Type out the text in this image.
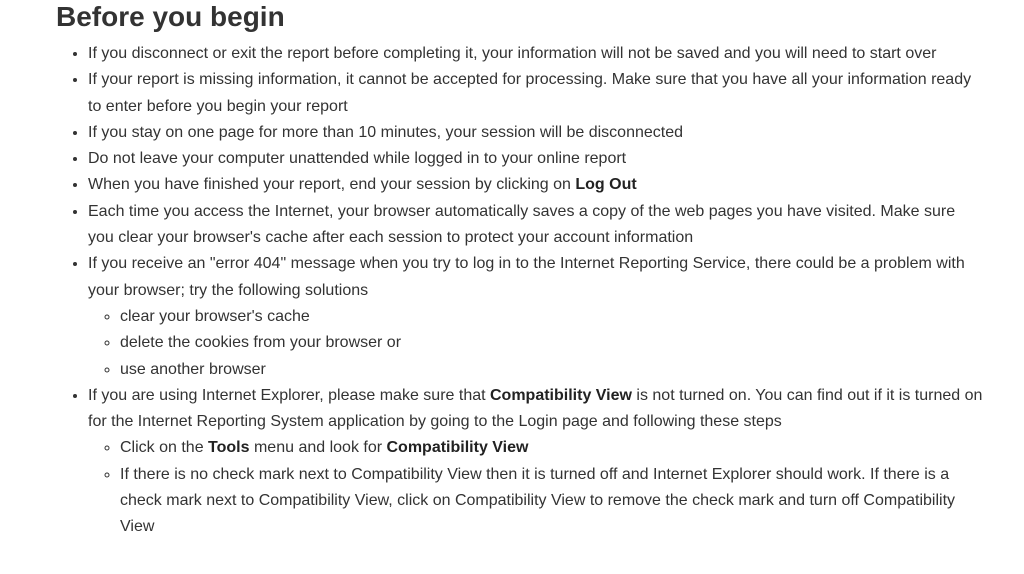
Before you begin
• If you disconnect or exit the report before completing it, your information will not be saved and you will need to start over
• If your report is missing information, it cannot be accepted for processing. Make sure that you have all your information ready to enter before you begin your report
• If you stay on one page for more than 10 minutes, your session will be disconnected
• Do not leave your computer unattended while logged in to your online report
• When you have finished your report, end your session by clicking on Log Out
• Each time you access the Internet, your browser automatically saves a copy of the web pages you have visited. Make sure you clear your browser's cache after each session to protect your account information
• If you receive an "error 404" message when you try to log in to the Internet Reporting Service, there could be a problem with your browser; try the following solutions
◦ clear your browser's cache
◦ delete the cookies from your browser or
◦ use another browser
• If you are using Internet Explorer, please make sure that Compatibility View is not turned on. You can find out if it is turned on for the Internet Reporting System application by going to the Login page and following these steps
◦ Click on the Tools menu and look for Compatibility View
◦ If there is no check mark next to Compatibility View then it is turned off and Internet Explorer should work. If there is a check mark next to Compatibility View, click on Compatibility View to remove the check mark and turn off Compatibility View
